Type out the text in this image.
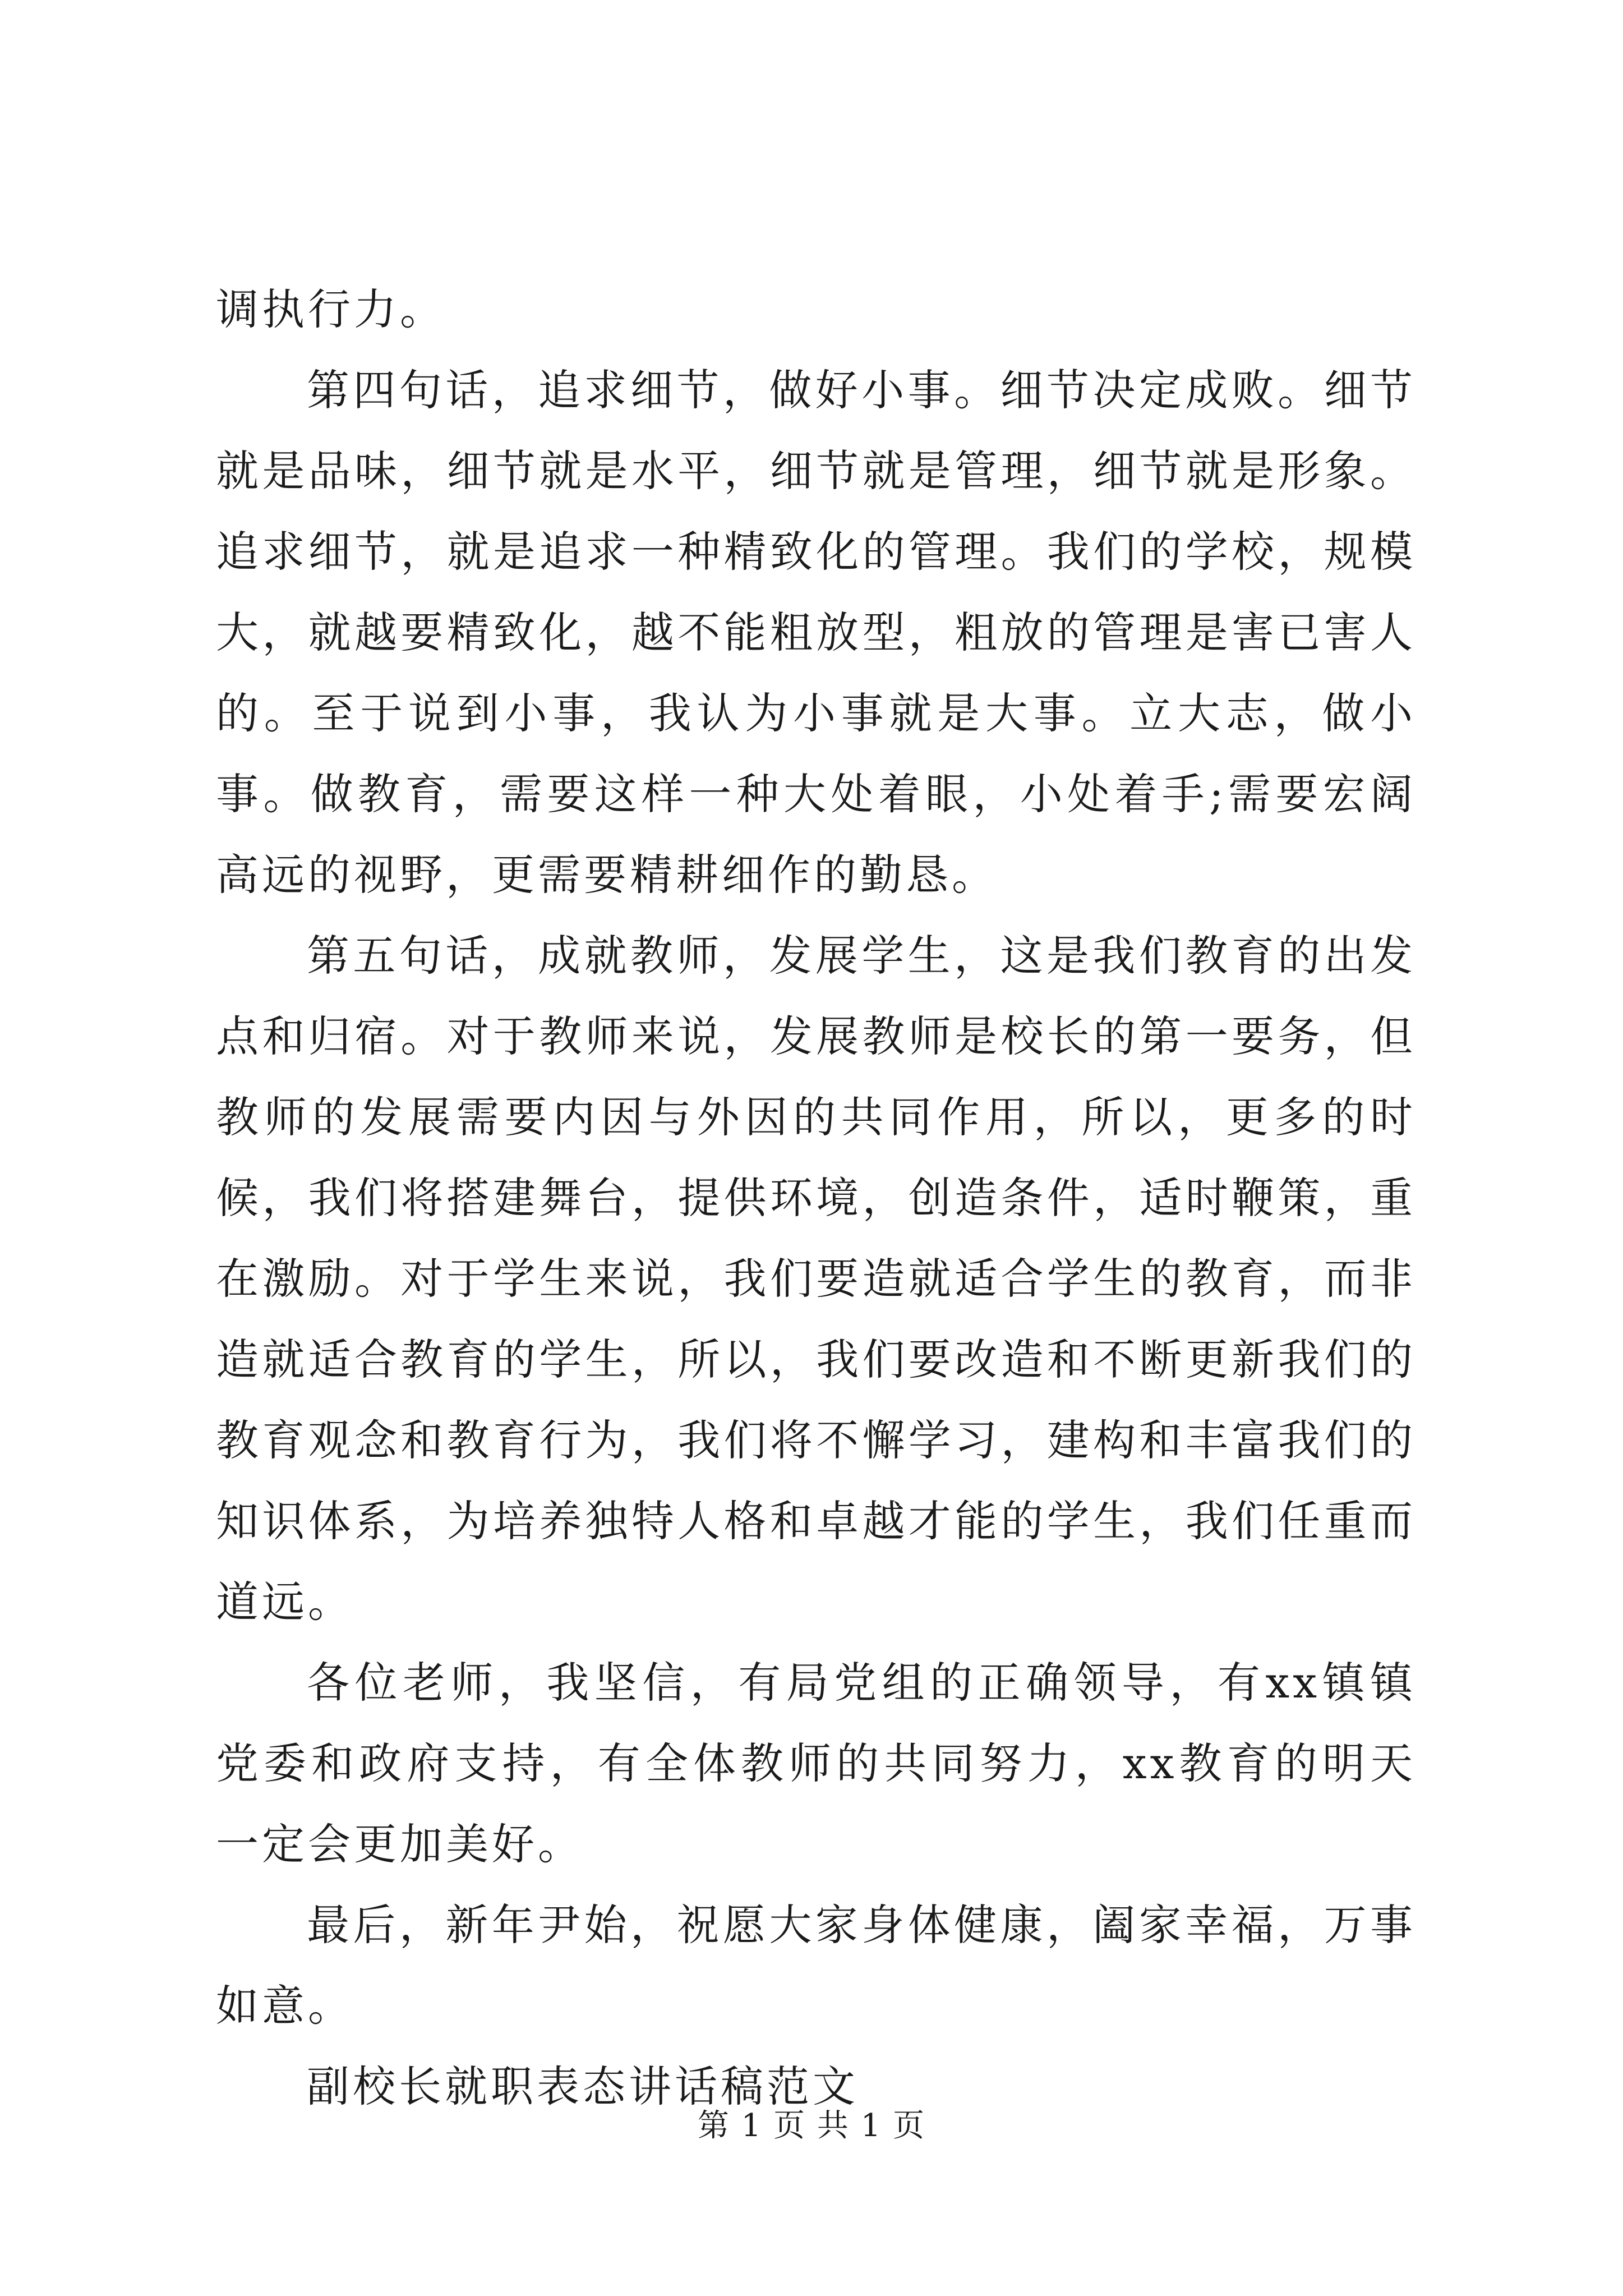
调执行力。

第四句话，追求细节，做好小事。细节决定成败。细节就是品味，细节就是水平，细节就是管理，细节就是形象。追求细节，就是追求一种精致化的管理。我们的学校，规模大，就越要精致化，越不能粗放型，粗放的管理是害已害人的。至于说到小事，我认为小事就是大事。立大志，做小事。做教育，需要这样一种大处着眼，小处着手;需要宏阔高远的视野，更需要精耕细作的勤恳。

第五句话，成就教师，发展学生，这是我们教育的出发点和归宿。对于教师来说，发展教师是校长的第一要务，但教师的发展需要内因与外因的共同作用，所以，更多的时候，我们将搭建舞台，提供环境，创造条件，适时鞭策，重在激励。对于学生来说，我们要造就适合学生的教育，而非造就适合教育的学生，所以，我们要改造和不断更新我们的教育观念和教育行为，我们将不懈学习，建构和丰富我们的知识体系，为培养独特人格和卓越才能的学生，我们任重而道远。

各位老师，我坚信，有局党组的正确领导，有xx镇镇党委和政府支持，有全体教师的共同努力，xx教育的明天一定会更加美好。

最后，新年尹始，祝愿大家身体健康，阖家幸福，万事如意。

副校长就职表态讲话稿范文

第 1 页 共 1 页
